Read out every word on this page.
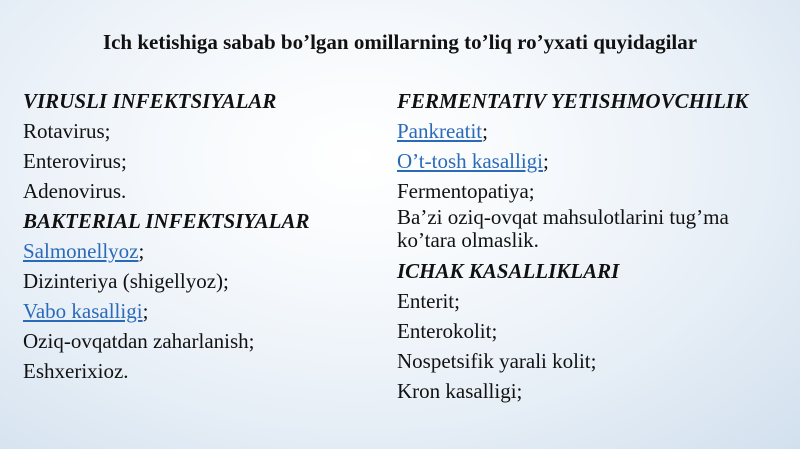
Ich ketishiga sabab bo’lgan omillarning to’liq ro’yxati quyidagilar

VIRUSLI INFEKTSIYALAR

Rotavirus;

Enterovirus;

Adenovirus.

BAKTERIAL INFEKTSIYALAR

Salmonellyoz;

Dizinteriya (shigellyoz);

Vabo kasalligi;

Oziq-ovqatdan zaharlanish;

Eshxerixioz.

FERMENTATIV YETISHMOVCHILIK

Pankreatit;

O’t-tosh kasalligi;

Fermentopatiya;

Ba’zi oziq-ovqat mahsulotlarini tug’ma ko’tara olmaslik.

ICHAK KASALLIKLARI

Enterit;

Enterokolit;

Nospetsifik yarali kolit;

Kron kasalligi;
